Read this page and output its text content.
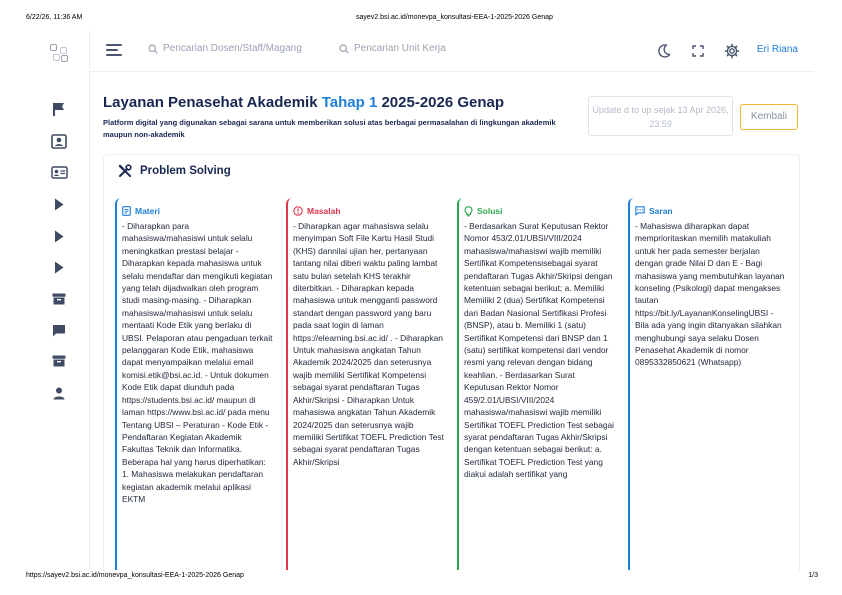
6/22/26, 11:36 AM	sayev2.bsi.ac.id/monevpa_konsultasi-EEA-1-2025-2026 Genap
https://sayev2.bsi.ac.id/monevpa_konsultasi-EEA-1-2025-2026 Genap	1/3
Pencarian Dosen/Staff/Magang	Pencarian Unit Kerja	Eri Riana
Layanan Penasehat Akademik Tahap 1 2025-2026 Genap
Platform digital yang digunakan sebagai sarana untuk memberikan solusi atas berbagai permasalahan di lingkungan akademik maupun non-akademik
Update d to up sejak 13 Apr 2026, 23:59
Kembali
Problem Solving
Materi
- Diharapkan para mahasiswa/mahasiswi untuk selalu meningkatkan prestasi belajar - Diharapkan kepada mahasiswa untuk selalu mendaftar dan mengikuti kegiatan yang telah dijadwalkan oleh program studi masing-masing. - Diharapkan mahasiswa/mahasiswi untuk selalu mentaati Kode Etik yang berlaku di UBSI. Pelaporan atau pengaduan terkait pelanggaran Kode Etik, mahasiswa dapat menyampaikan melalui email komisi.etik@bsi.ac.id. - Untuk dokumen Kode Etik dapat diunduh pada https://students.bsi.ac.id/ maupun di laman https://www.bsi.ac.id/ pada menu Tentang UBSI – Peraturan - Kode Etik - Pendaftaran Kegiatan Akademik Fakultas Teknik dan Informatika. Beberapa hal yang harus diperhatikan: 1. Mahasiswa melakukan pendaftaran kegiatan akademik melalui aplikasi EKTM
Masalah
- Diharapkan agar mahasiswa selalu menyimpan Soft File Kartu Hasil Studi (KHS) dannilai ujian her, pertanyaan tantang nilai diberi waktu paling lambat satu bulan setelah KHS terakhir diterbitkan. - Diharapkan kepada mahasiswa untuk mengganti password standart dengan password yang baru pada saat login di laman https://elearning.bsi.ac.id/ . - Diharapkan Untuk mahasiswa angkatan Tahun Akademik 2024/2025 dan seterusnya wajib memiliki Sertifikat Kompetensi sebagai syarat pendaftaran Tugas Akhir/Skripsi - Diharapkan Untuk mahasiswa angkatan Tahun Akademik 2024/2025 dan seterusnya wajib memiliki Sertifikat TOEFL Prediction Test sebagai syarat pendaftaran Tugas Akhir/Skripsi
Solusi
- Berdasarkan Surat Keputusan Rektor Nomor 453/2.01/UBSI/VIII/2024 mahasiswa/mahasiswi wajib memiliki Sertifikat Kompetensisebagai syarat pendaftaran Tugas Akhir/Skripsi dengan ketentuan sebagai berikut; a. Memiliki Memiliki 2 (dua) Sertifikat Kompetensi dari Badan Nasional Sertifikasi Profesi (BNSP), atau b. Memiliki 1 (satu) Sertifikat Kompetensi dari BNSP dan 1 (satu) sertifikat kompetensi dari vendor resmi yang relevan dengan bidang keahlian. - Berdasarkan Surat Keputusan Rektor Nomor 459/2.01/UBSI/VIII/2024 mahasiswa/mahasiswi wajib memiliki Sertifikat TOEFL Prediction Test sebagai syarat pendaftaran Tugas Akhir/Skripsi dengan ketentuan sebagai berikut: a. Sertifikat TOEFL Prediction Test yang diakui adalah sertifikat yang
Saran
- Mahasiswa diharapkan dapat memprioritaskan memilih matakuliah untuk her pada semester berjalan dengan grade Nilai D dan E - Bagi mahasiswa yang membutuhkan layanan konseling (Psikologi) dapat mengakses tautan https://bit.ly/LayananKonselingUBSI - Bila ada yang ingin ditanyakan silahkan menghubungi saya selaku Dosen Penasehat Akademik di nomor 0895332850621 (Whatsapp)
